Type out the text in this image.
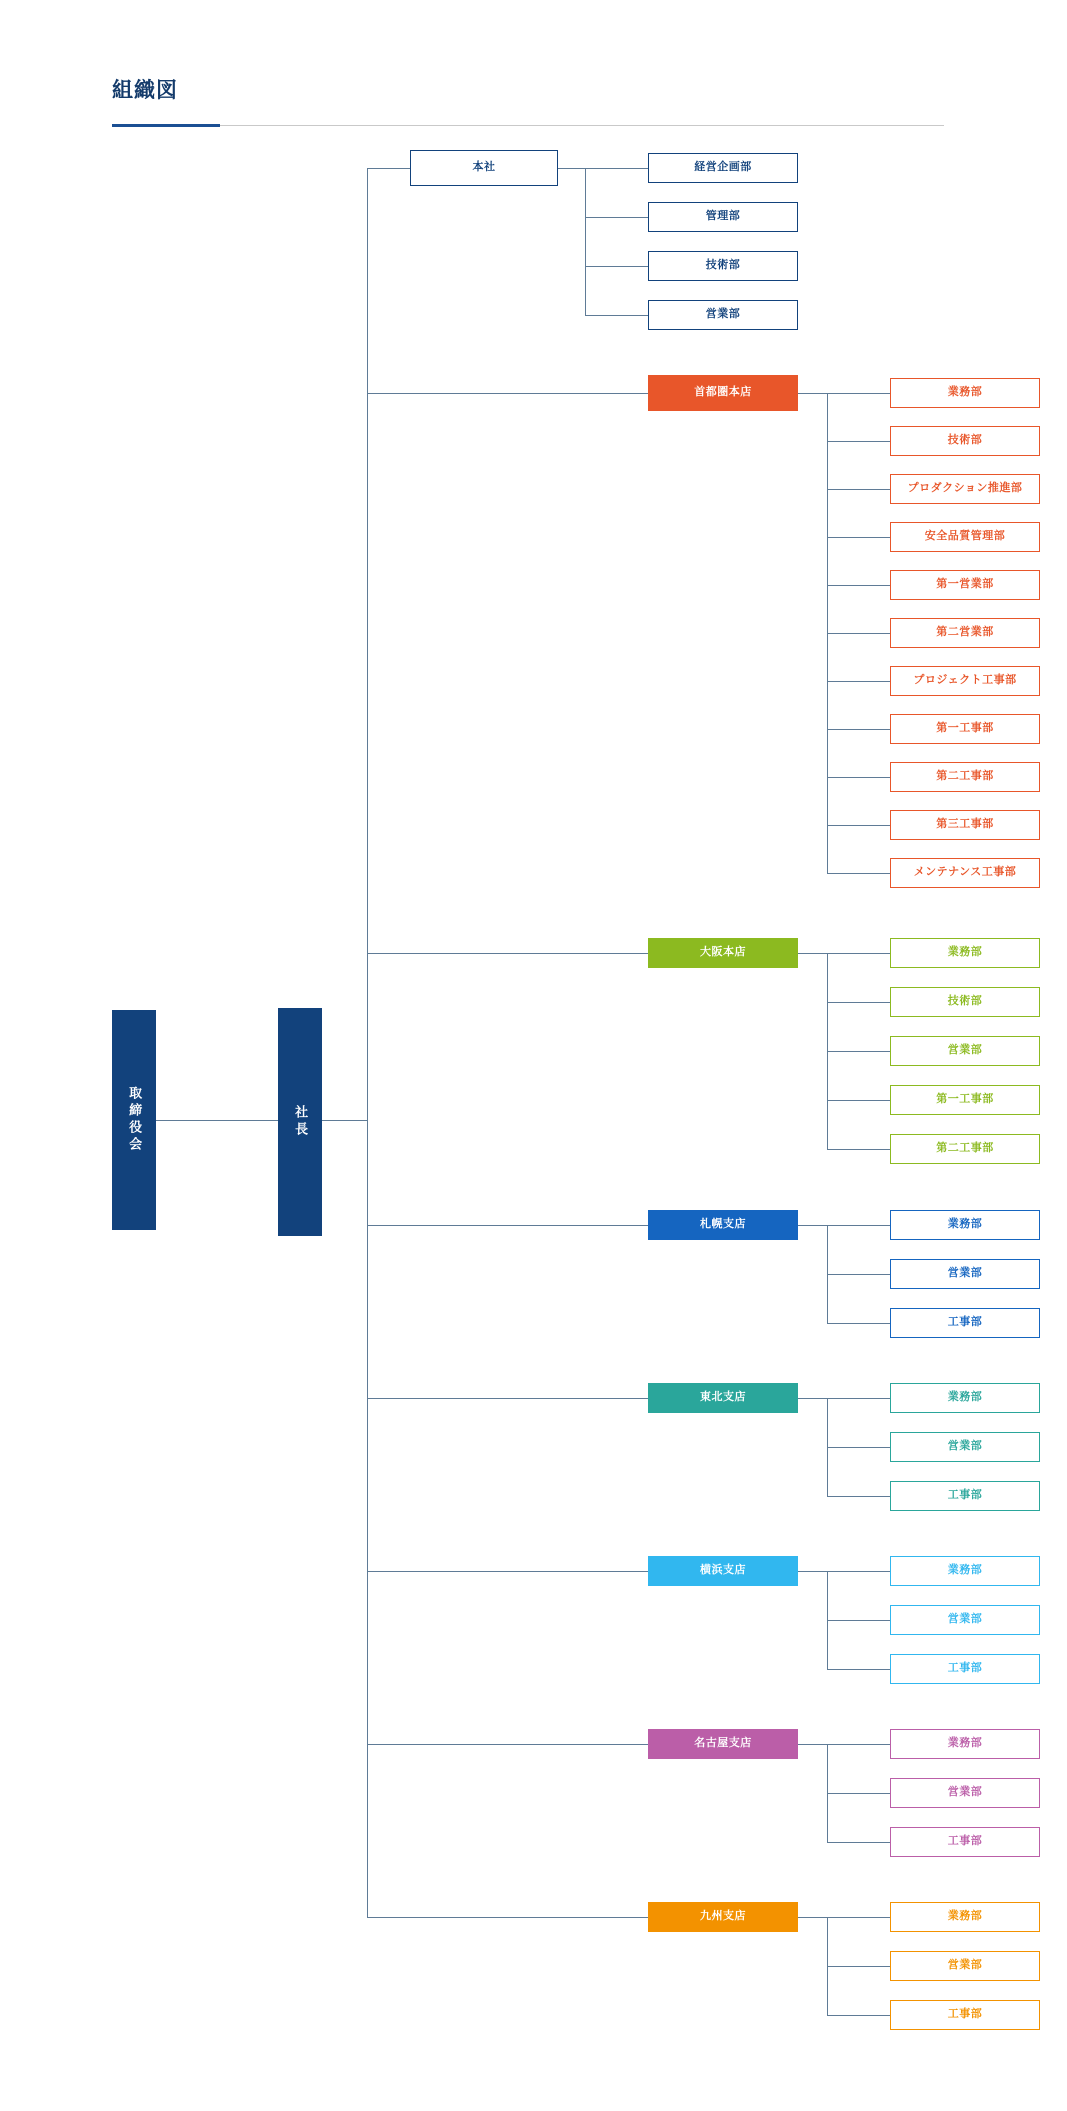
組織図
取締役会	社長
本社	経営企画部
管理部
技術部
営業部
首都圏本店	業務部
技術部
プロダクション推進部
安全品質管理部
第一営業部
第二営業部
プロジェクト工事部
第一工事部
第二工事部
第三工事部
メンテナンス工事部
大阪本店	業務部
技術部
営業部
第一工事部
第二工事部
札幌支店	業務部
営業部
工事部
東北支店	業務部
営業部
工事部
横浜支店	業務部
営業部
工事部
名古屋支店	業務部
営業部
工事部
九州支店	業務部
営業部
工事部
